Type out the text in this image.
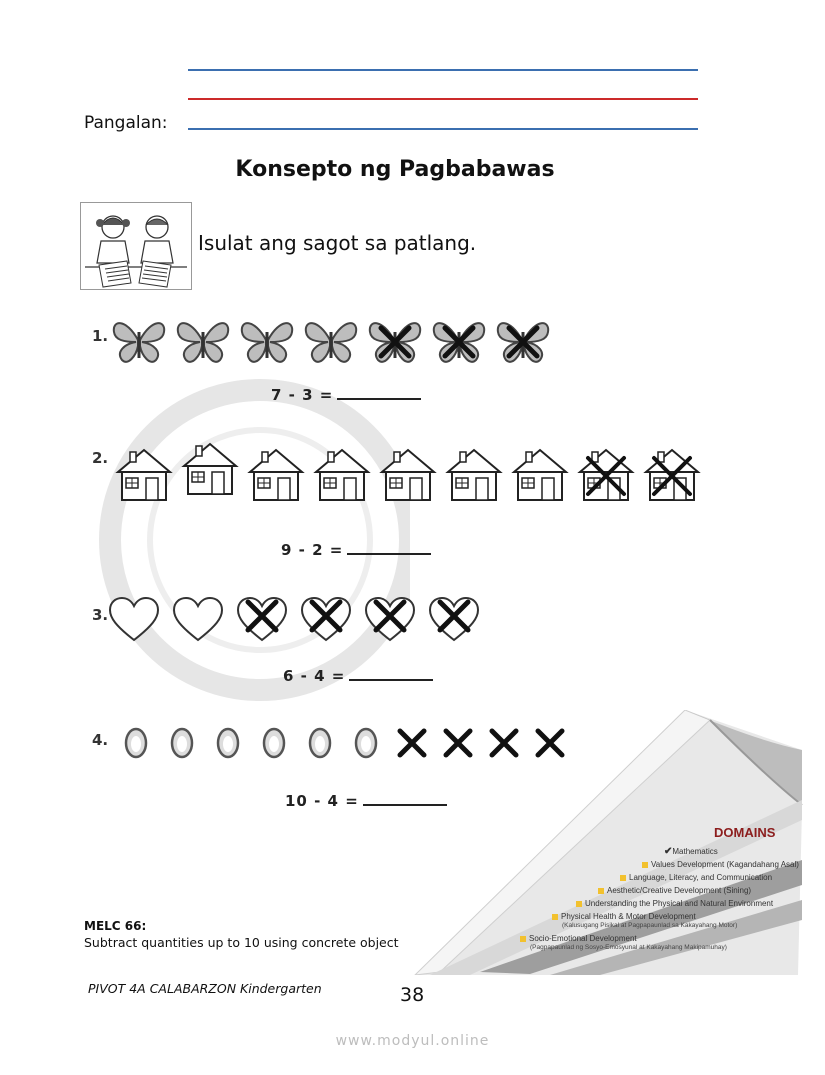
Pangalan:
Konsepto ng Pagbabawas
Isulat ang sagot sa patlang.
1.
7 - 3 =
2.
9 - 2 =
3.
6 - 4 =
4.
10 - 4 =
DOMAINS
✔Mathematics
Values Development (Kagandahang Asal)
Language, Literacy, and Communication
Aesthetic/Creative Development (Sining)
Understanding the Physical and Natural Environment
Physical Health & Motor Development
(Kalusugang Pisikal at Pagpapaunlad sa Kakayahang Motor)
Socio-Emotional Development
(Pagpapaunlad ng Sosyo-Emosyunal at Kakayahang Makipamuhay)
MELC 66:
Subtract quantities up to 10 using concrete object
PIVOT 4A CALABARZON Kindergarten	38
www.modyul.online
